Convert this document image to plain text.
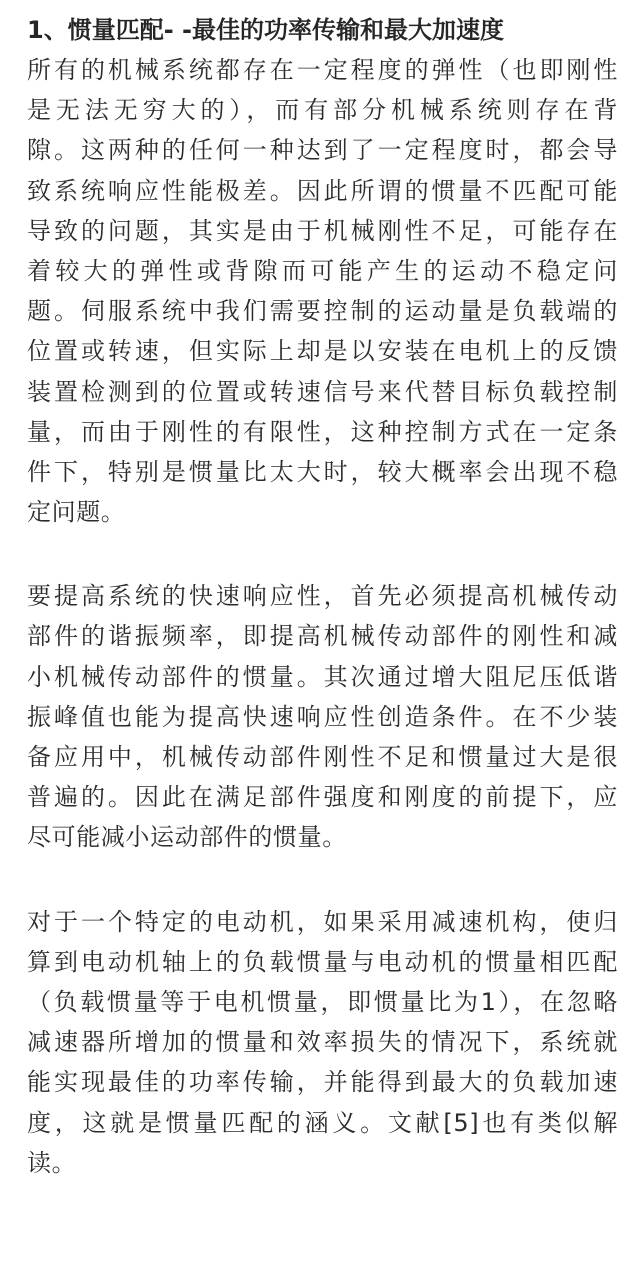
1、惯量匹配- -最佳的功率传输和最大加速度
所有的机械系统都存在一定程度的弹性（也即刚性
是无法无穷大的），而有部分机械系统则存在背
隙。这两种的任何一种达到了一定程度时，都会导
致系统响应性能极差。因此所谓的惯量不匹配可能
导致的问题，其实是由于机械刚性不足，可能存在
着较大的弹性或背隙而可能产生的运动不稳定问
题。伺服系统中我们需要控制的运动量是负载端的
位置或转速，但实际上却是以安装在电机上的反馈
装置检测到的位置或转速信号来代替目标负载控制
量，而由于刚性的有限性，这种控制方式在一定条
件下，特别是惯量比太大时，较大概率会出现不稳
定问题。
要提高系统的快速响应性，首先必须提高机械传动
部件的谐振频率，即提高机械传动部件的刚性和减
小机械传动部件的惯量。其次通过增大阻尼压低谐
振峰值也能为提高快速响应性创造条件。在不少装
备应用中，机械传动部件刚性不足和惯量过大是很
普遍的。因此在满足部件强度和刚度的前提下，应
尽可能减小运动部件的惯量。
对于一个特定的电动机，如果采用减速机构，使归
算到电动机轴上的负载惯量与电动机的惯量相匹配
（负载惯量等于电机惯量，即惯量比为1），在忽略
减速器所增加的惯量和效率损失的情况下，系统就
能实现最佳的功率传输，并能得到最大的负载加速
度，这就是惯量匹配的涵义。文献[5]也有类似解
读。
